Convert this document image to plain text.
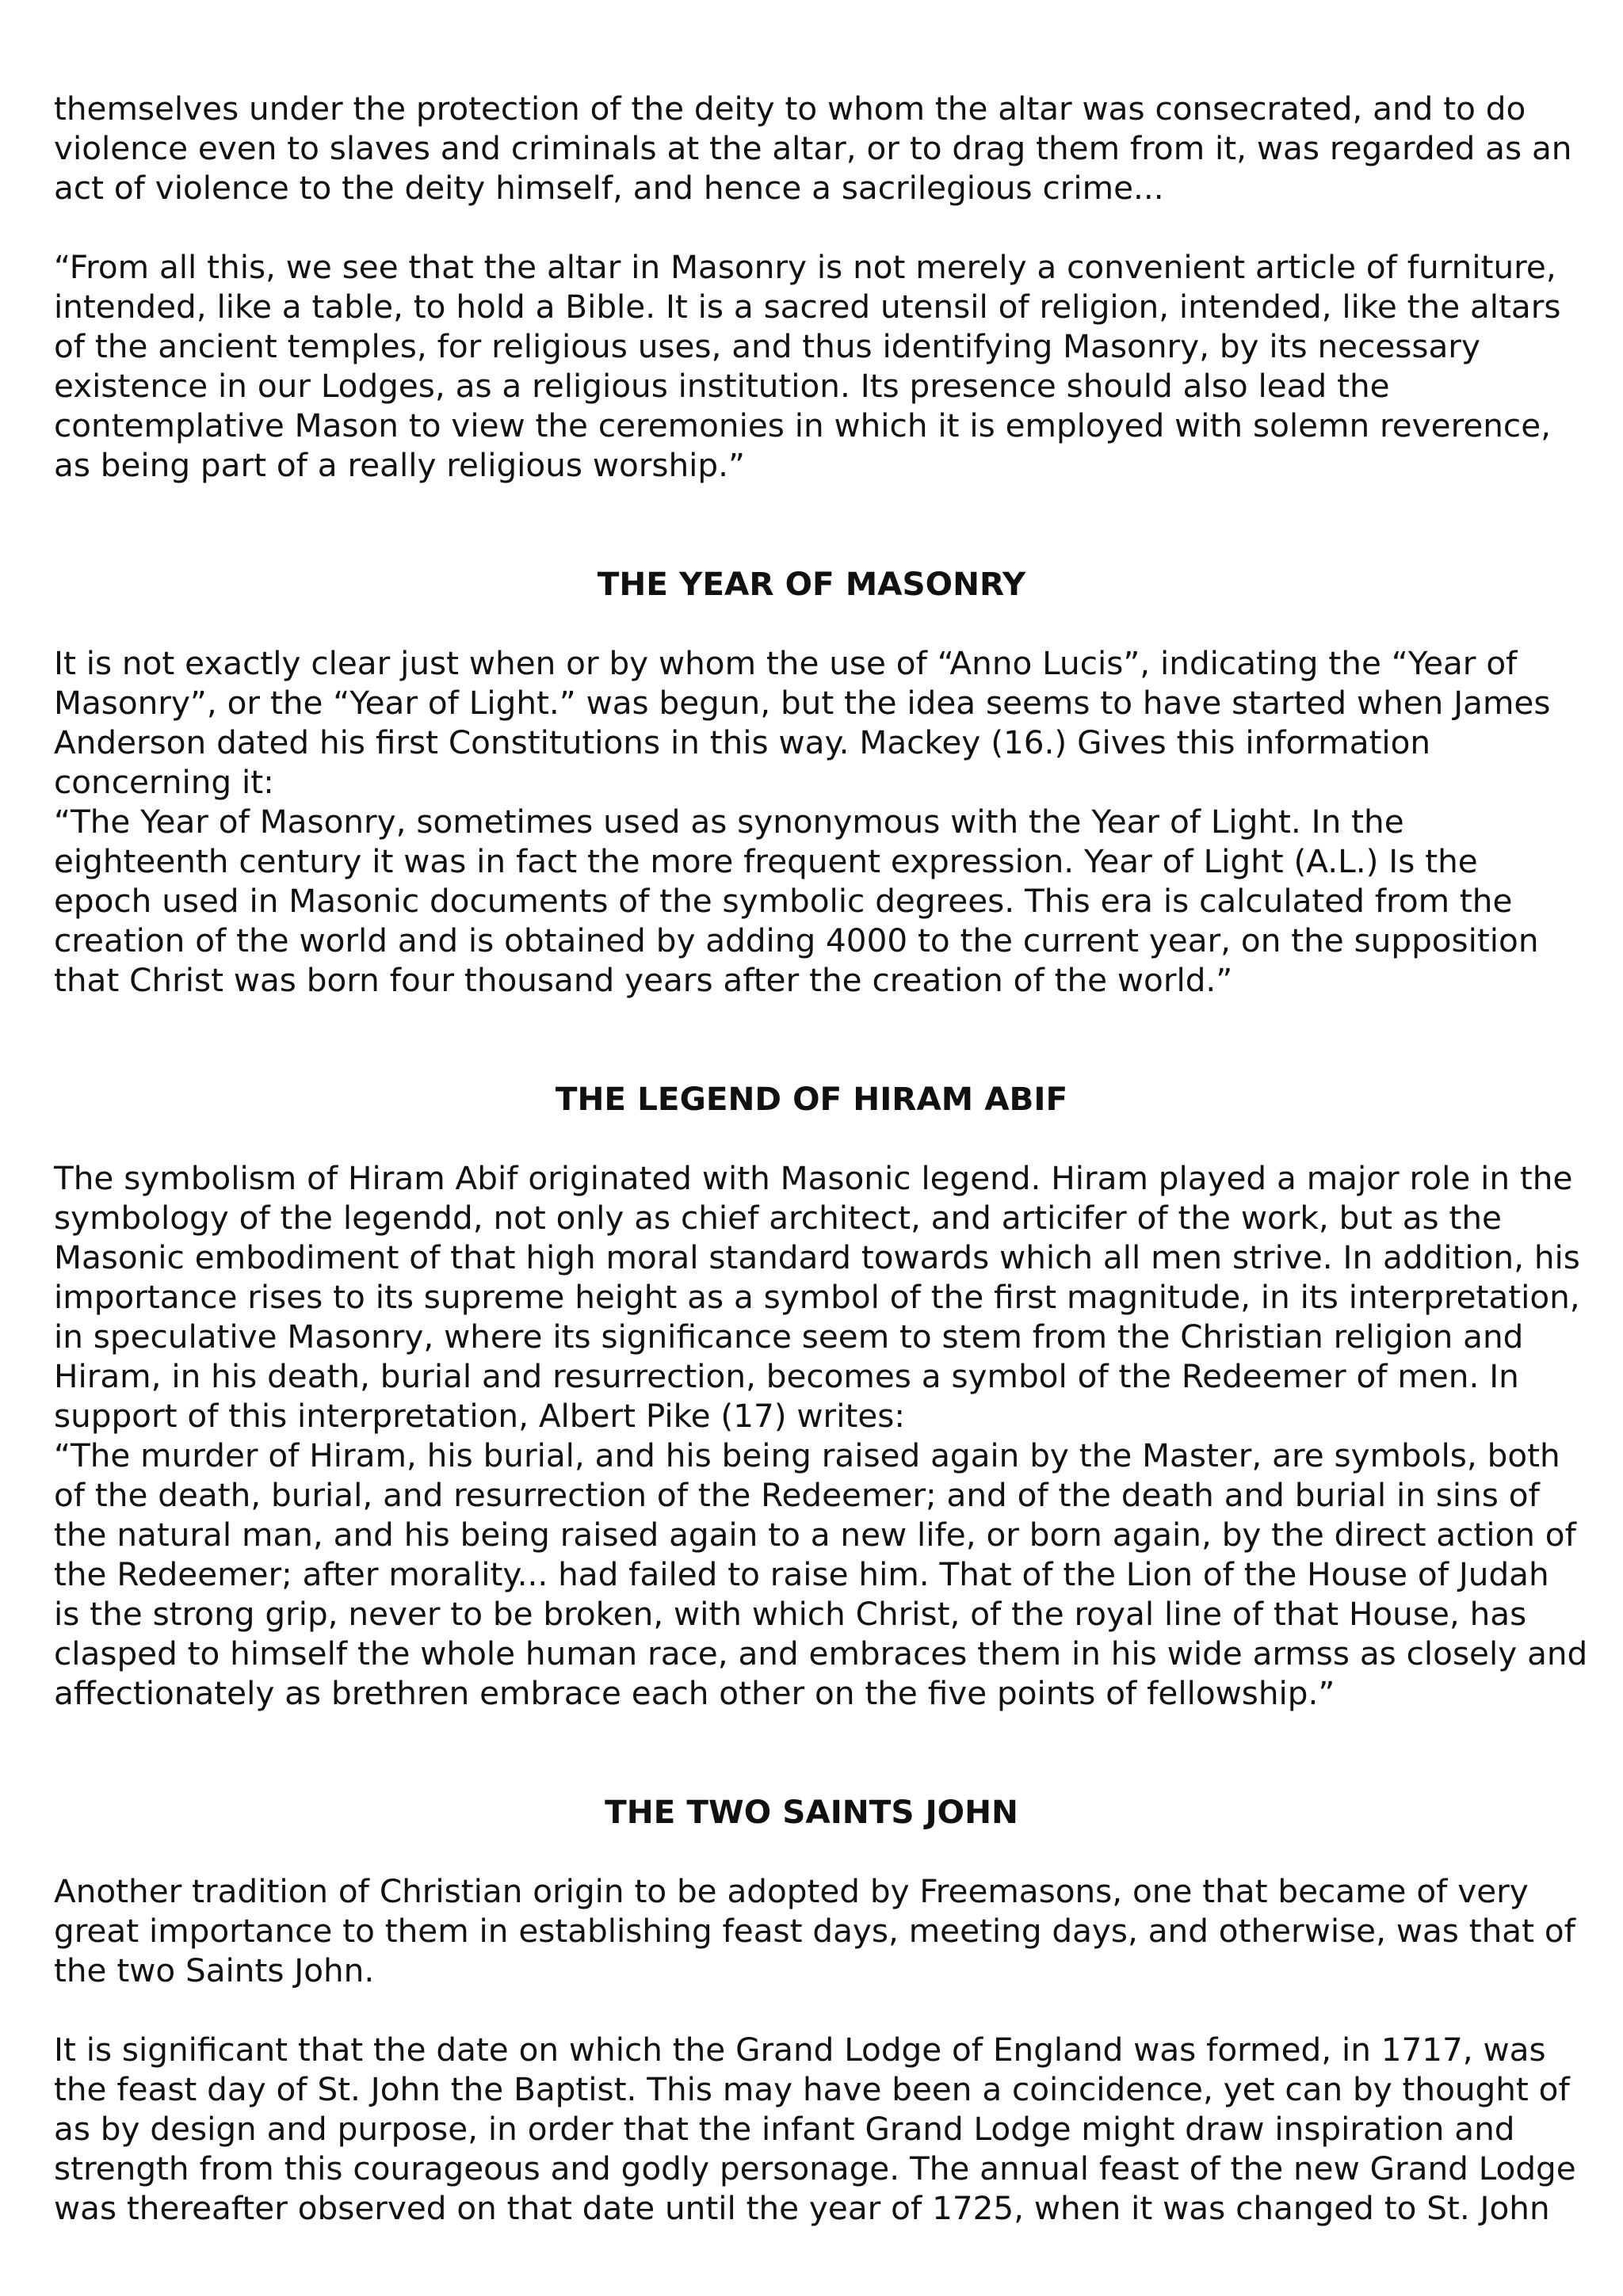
themselves under the protection of the deity to whom the altar was consecrated, and to do
violence even to slaves and criminals at the altar, or to drag them from it, was regarded as an
act of violence to the deity himself, and hence a sacrilegious crime...
“From all this, we see that the altar in Masonry is not merely a convenient article of furniture,
intended, like a table, to hold a Bible. It is a sacred utensil of religion, intended, like the altars
of the ancient temples, for religious uses, and thus identifying Masonry, by its necessary
existence in our Lodges, as a religious institution. Its presence should also lead the
contemplative Mason to view the ceremonies in which it is employed with solemn reverence,
as being part of a really religious worship.”
THE YEAR OF MASONRY
It is not exactly clear just when or by whom the use of “Anno Lucis”, indicating the “Year of
Masonry”, or the “Year of Light.” was begun, but the idea seems to have started when James
Anderson dated his first Constitutions in this way. Mackey (16.) Gives this information
concerning it:
“The Year of Masonry, sometimes used as synonymous with the Year of Light. In the
eighteenth century it was in fact the more frequent expression. Year of Light (A.L.) Is the
epoch used in Masonic documents of the symbolic degrees. This era is calculated from the
creation of the world and is obtained by adding 4000 to the current year, on the supposition
that Christ was born four thousand years after the creation of the world.”
THE LEGEND OF HIRAM ABIF
The symbolism of Hiram Abif originated with Masonic legend. Hiram played a major role in the
symbology of the legendd, not only as chief architect, and articifer of the work, but as the
Masonic embodiment of that high moral standard towards which all men strive. In addition, his
importance rises to its supreme height as a symbol of the first magnitude, in its interpretation,
in speculative Masonry, where its significance seem to stem from the Christian religion and
Hiram, in his death, burial and resurrection, becomes a symbol of the Redeemer of men. In
support of this interpretation, Albert Pike (17) writes:
“The murder of Hiram, his burial, and his being raised again by the Master, are symbols, both
of the death, burial, and resurrection of the Redeemer; and of the death and burial in sins of
the natural man, and his being raised again to a new life, or born again, by the direct action of
the Redeemer; after morality... had failed to raise him. That of the Lion of the House of Judah
is the strong grip, never to be broken, with which Christ, of the royal line of that House, has
clasped to himself the whole human race, and embraces them in his wide armss as closely and
affectionately as brethren embrace each other on the five points of fellowship.”
THE TWO SAINTS JOHN
Another tradition of Christian origin to be adopted by Freemasons, one that became of very
great importance to them in establishing feast days, meeting days, and otherwise, was that of
the two Saints John.
It is significant that the date on which the Grand Lodge of England was formed, in 1717, was
the feast day of St. John the Baptist. This may have been a coincidence, yet can by thought of
as by design and purpose, in order that the infant Grand Lodge might draw inspiration and
strength from this courageous and godly personage. The annual feast of the new Grand Lodge
was thereafter observed on that date until the year of 1725, when it was changed to St. John
